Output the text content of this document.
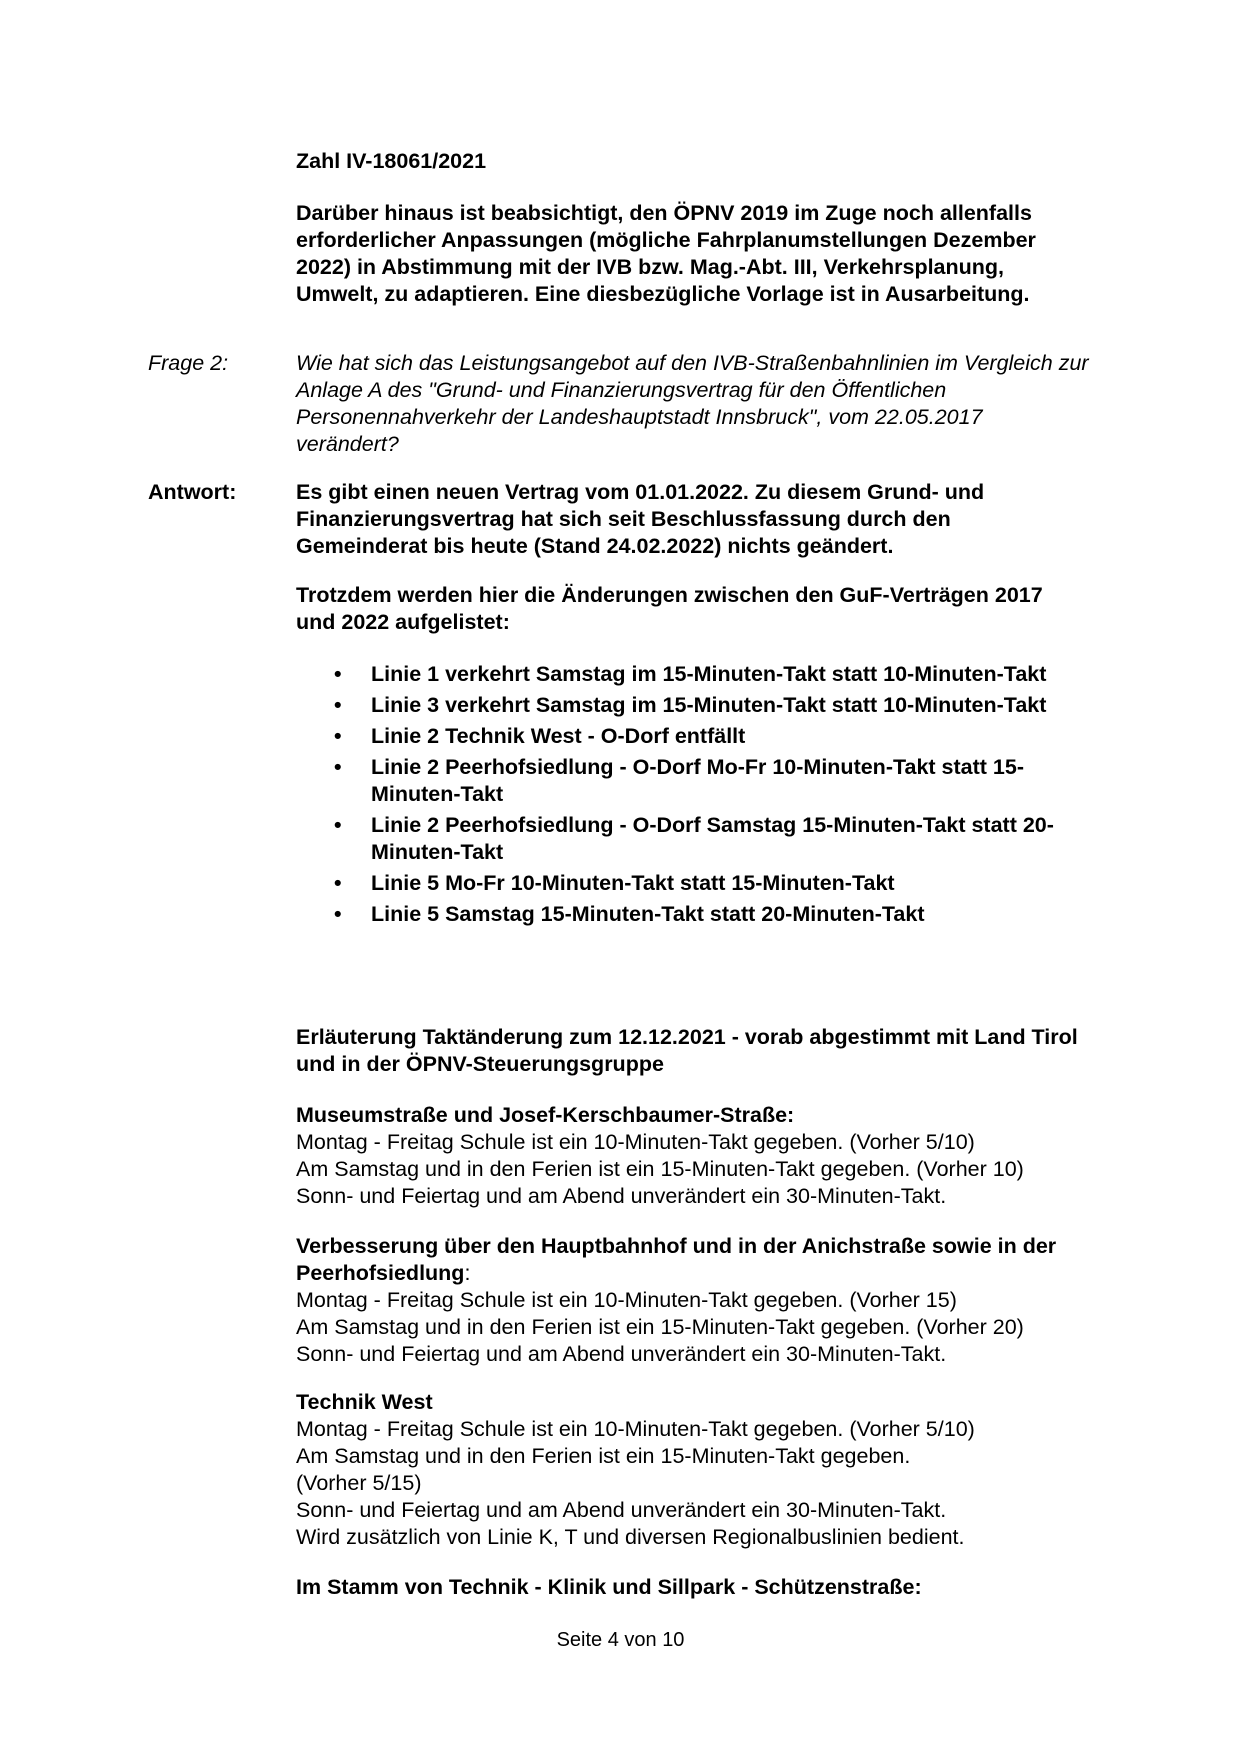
Zahl IV-18061/2021

Darüber hinaus ist beabsichtigt, den ÖPNV 2019 im Zuge noch allenfalls erforderlicher Anpassungen (mögliche Fahrplanumstellungen Dezember 2022) in Abstimmung mit der IVB bzw. Mag.-Abt. III, Verkehrsplanung, Umwelt, zu adaptieren. Eine diesbezügliche Vorlage ist in Ausarbeitung.

Frage 2:	Wie hat sich das Leistungsangebot auf den IVB-Straßenbahnlinien im Vergleich zur Anlage A des "Grund- und Finanzierungsvertrag für den Öffentlichen Personennahverkehr der Landeshauptstadt Innsbruck", vom 22.05.2017 verändert?

Antwort:	Es gibt einen neuen Vertrag vom 01.01.2022. Zu diesem Grund- und Finanzierungsvertrag hat sich seit Beschlussfassung durch den Gemeinderat bis heute (Stand 24.02.2022) nichts geändert.

Trotzdem werden hier die Änderungen zwischen den GuF-Verträgen 2017 und 2022 aufgelistet:

• Linie 1 verkehrt Samstag im 15-Minuten-Takt statt 10-Minuten-Takt
• Linie 3 verkehrt Samstag im 15-Minuten-Takt statt 10-Minuten-Takt
• Linie 2 Technik West - O-Dorf entfällt
• Linie 2 Peerhofsiedlung - O-Dorf Mo-Fr 10-Minuten-Takt statt 15-Minuten-Takt
• Linie 2 Peerhofsiedlung - O-Dorf Samstag 15-Minuten-Takt statt 20-Minuten-Takt
• Linie 5 Mo-Fr 10-Minuten-Takt statt 15-Minuten-Takt
• Linie 5 Samstag 15-Minuten-Takt statt 20-Minuten-Takt

Erläuterung Taktänderung zum 12.12.2021 - vorab abgestimmt mit Land Tirol und in der ÖPNV-Steuerungsgruppe

Museumstraße und Josef-Kerschbaumer-Straße:

Montag - Freitag Schule ist ein 10-Minuten-Takt gegeben. (Vorher 5/10)

Am Samstag und in den Ferien ist ein 15-Minuten-Takt gegeben. (Vorher 10)

Sonn- und Feiertag und am Abend unverändert ein 30-Minuten-Takt.

Verbesserung über den Hauptbahnhof und in der Anichstraße sowie in der Peerhofsiedlung:

Montag - Freitag Schule ist ein 10-Minuten-Takt gegeben. (Vorher 15)

Am Samstag und in den Ferien ist ein 15-Minuten-Takt gegeben. (Vorher 20)

Sonn- und Feiertag und am Abend unverändert ein 30-Minuten-Takt.

Technik West

Montag - Freitag Schule ist ein 10-Minuten-Takt gegeben. (Vorher 5/10)

Am Samstag und in den Ferien ist ein 15-Minuten-Takt gegeben.

(Vorher 5/15)

Sonn- und Feiertag und am Abend unverändert ein 30-Minuten-Takt.

Wird zusätzlich von Linie K, T und diversen Regionalbuslinien bedient.

Im Stamm von Technik - Klinik und Sillpark - Schützenstraße:

Seite 4 von 10
